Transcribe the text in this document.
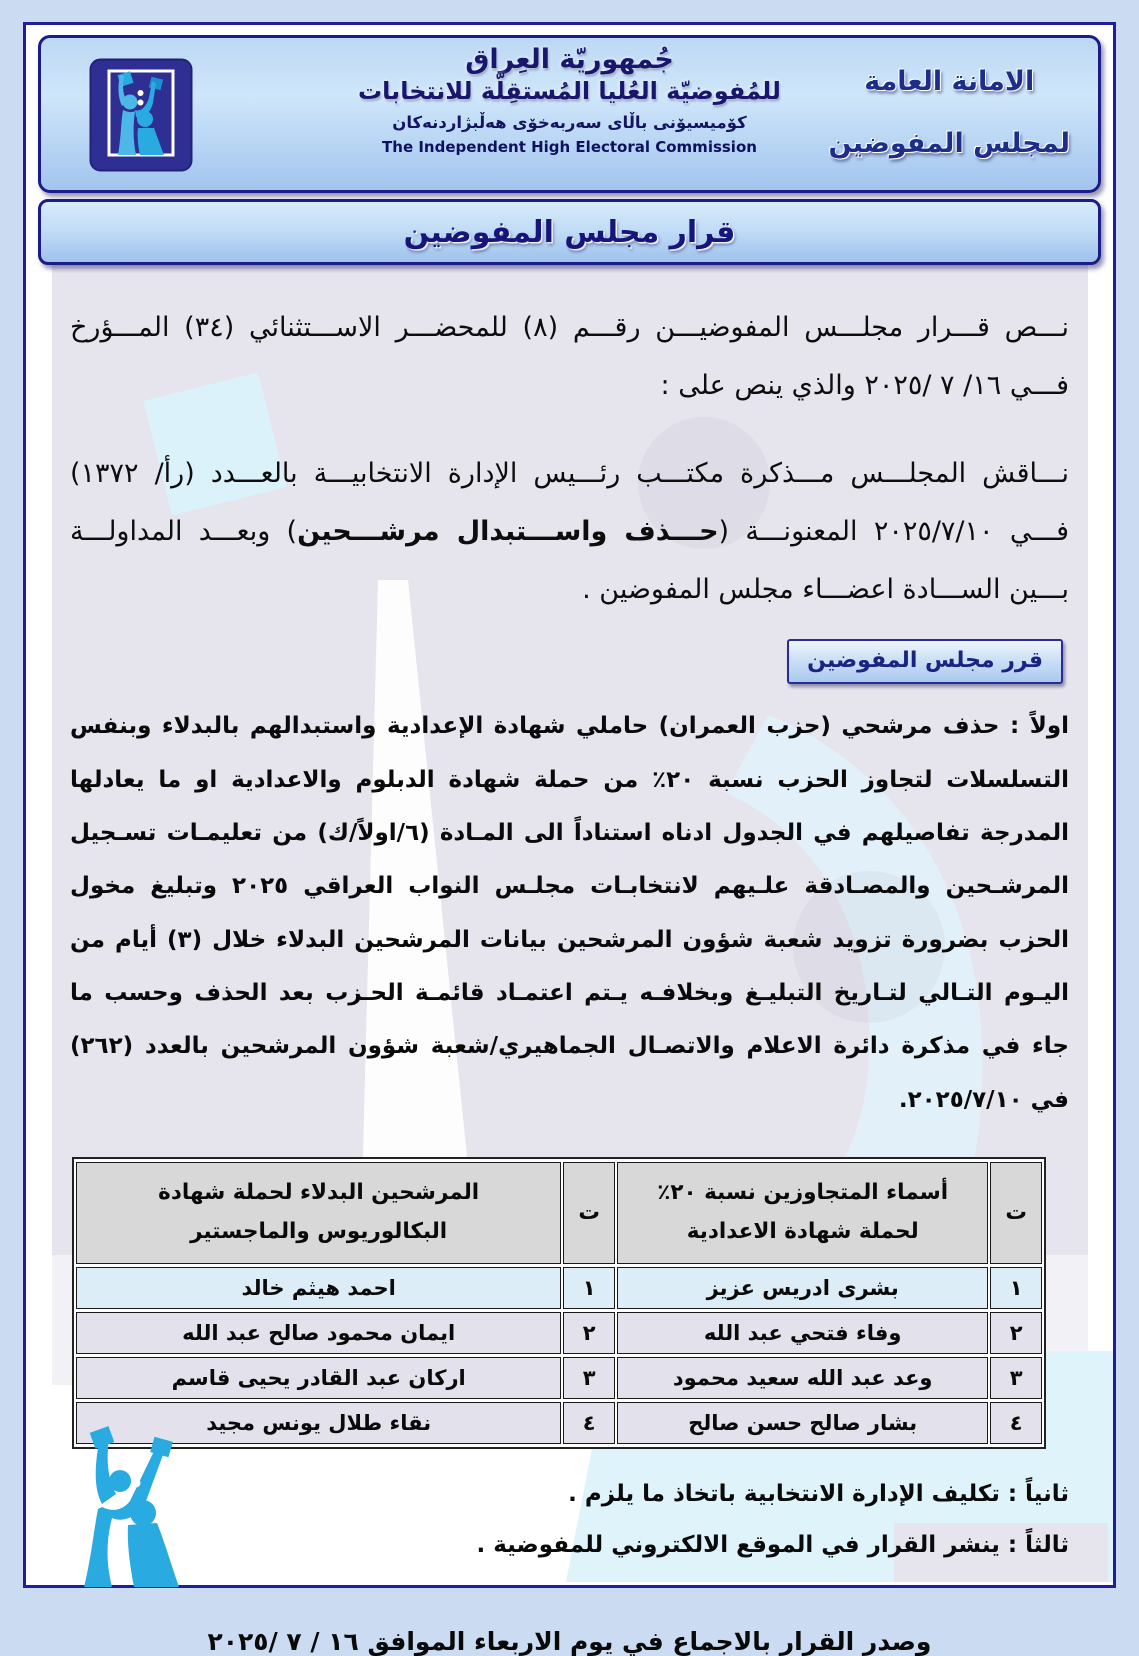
جُمهوريّة العِراق
للمُفوضيّة العُليا المُستقِلّة للانتخابات
كۆمیسیۆنی باڵای سەربەخۆی هەڵبژاردنەکان
The Independent High Electoral Commission
الامانة العامة
لمجلس المفوضين
قرار مجلس المفوضين

نـــص قـــرار مجلـــس المفوضيـــن رقـــم (٨) للمحضـــر الاســـتثنائي (٣٤) المـــؤرخ فـــي ١٦/ ٧ /٢٠٢٥ والذي ينص على :

نـــاقش المجلـــس مـــذكرة مكتـــب رئـــيس الإدارة الانتخابيـــة بالعـــدد (رأ/ ١٣٧٢) فـــي ٢٠٢٥/٧/١٠ المعنونـــة (حـــذف واســـتبدال مرشـــحين) وبعـــد المداولـــة بـــين الســـادة اعضـــاء مجلس المفوضين .

قرر مجلس المفوضين

اولاً : حذف مرشحي (حزب العمران) حاملي شهادة الإعدادية واستبدالهم بالبدلاء وبنفس التسلسلات لتجاوز الحزب نسبة ٢٠٪ من حملة شهادة الدبلوم والاعدادية او ما يعادلها المدرجة تفاصيلهم في الجدول ادناه استناداً الى المـادة (٦/اولاً/ك) من تعليمـات تسـجيل المرشـحين والمصـادقة علـيهم لانتخابـات مجلـس النواب العراقي ٢٠٢٥ وتبليغ مخول الحزب بضرورة تزويد شعبة شؤون المرشحين بيانات المرشحين البدلاء خلال (٣) أيام من اليـوم التـالي لتـاريخ التبليـغ وبخلافـه يـتم اعتمـاد قائمـة الحـزب بعد الحذف وحسب ما جاء في مذكرة دائرة الاعلام والاتصـال الجماهيري/شعبة شؤون المرشحين بالعدد (٢٦٢) في ٢٠٢٥/٧/١٠.

ت	أسماء المتجاوزين نسبة ٢٠٪ لحملة شهادة الاعدادية	ت	المرشحين البدلاء لحملة شهادة البكالوريوس والماجستير
١	بشرى ادريس عزيز	١	احمد هيثم خالد
٢	وفاء فتحي عبد الله	٢	ايمان محمود صالح عبد الله
٣	وعد عبد الله سعيد محمود	٣	اركان عبد القادر يحيى قاسم
٤	بشار صالح حسن صالح	٤	نقاء طلال يونس مجيد

ثانياً : تكليف الإدارة الانتخابية باتخاذ ما يلزم .

ثالثاً : ينشر القرار في الموقع الالكتروني للمفوضية .

وصدر القرار بالاجماع في يوم الاربعاء الموافق ١٦ / ٧ /٢٠٢٥
